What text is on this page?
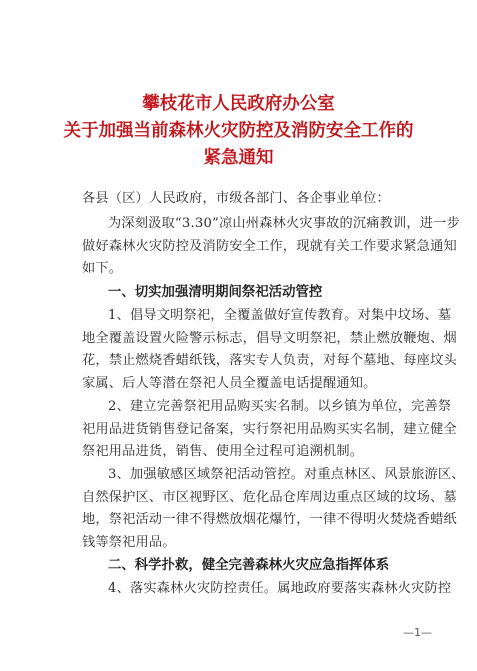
攀枝花市人民政府办公室
关于加强当前森林火灾防控及消防安全工作的
紧急通知
各县（区）人民政府，市级各部门、各企事业单位：
为深刻汲取“3.30”凉山州森林火灾事故的沉痛教训，进一步
做好森林火灾防控及消防安全工作，现就有关工作要求紧急通知
如下。
一、切实加强清明期间祭祀活动管控
1、倡导文明祭祀，全覆盖做好宣传教育。对集中坟场、墓
地全覆盖设置火险警示标志，倡导文明祭祀，禁止燃放鞭炮、烟
花，禁止燃烧香蜡纸钱，落实专人负责，对每个墓地、每座坟头
家属、后人等潜在祭祀人员全覆盖电话提醒通知。
2、建立完善祭祀用品购买实名制。以乡镇为单位，完善祭
祀用品进货销售登记备案，实行祭祀用品购买实名制，建立健全
祭祀用品进货，销售、使用全过程可追溯机制。
3、加强敏感区域祭祀活动管控。对重点林区、风景旅游区、
自然保护区、市区视野区、危化品仓库周边重点区域的坟场、墓
地，祭祀活动一律不得燃放烟花爆竹，一律不得明火焚烧香蜡纸
钱等祭祀用品。
二、科学扑救，健全完善森林火灾应急指挥体系
4、落实森林火灾防控责任。属地政府要落实森林火灾防控
—1—
